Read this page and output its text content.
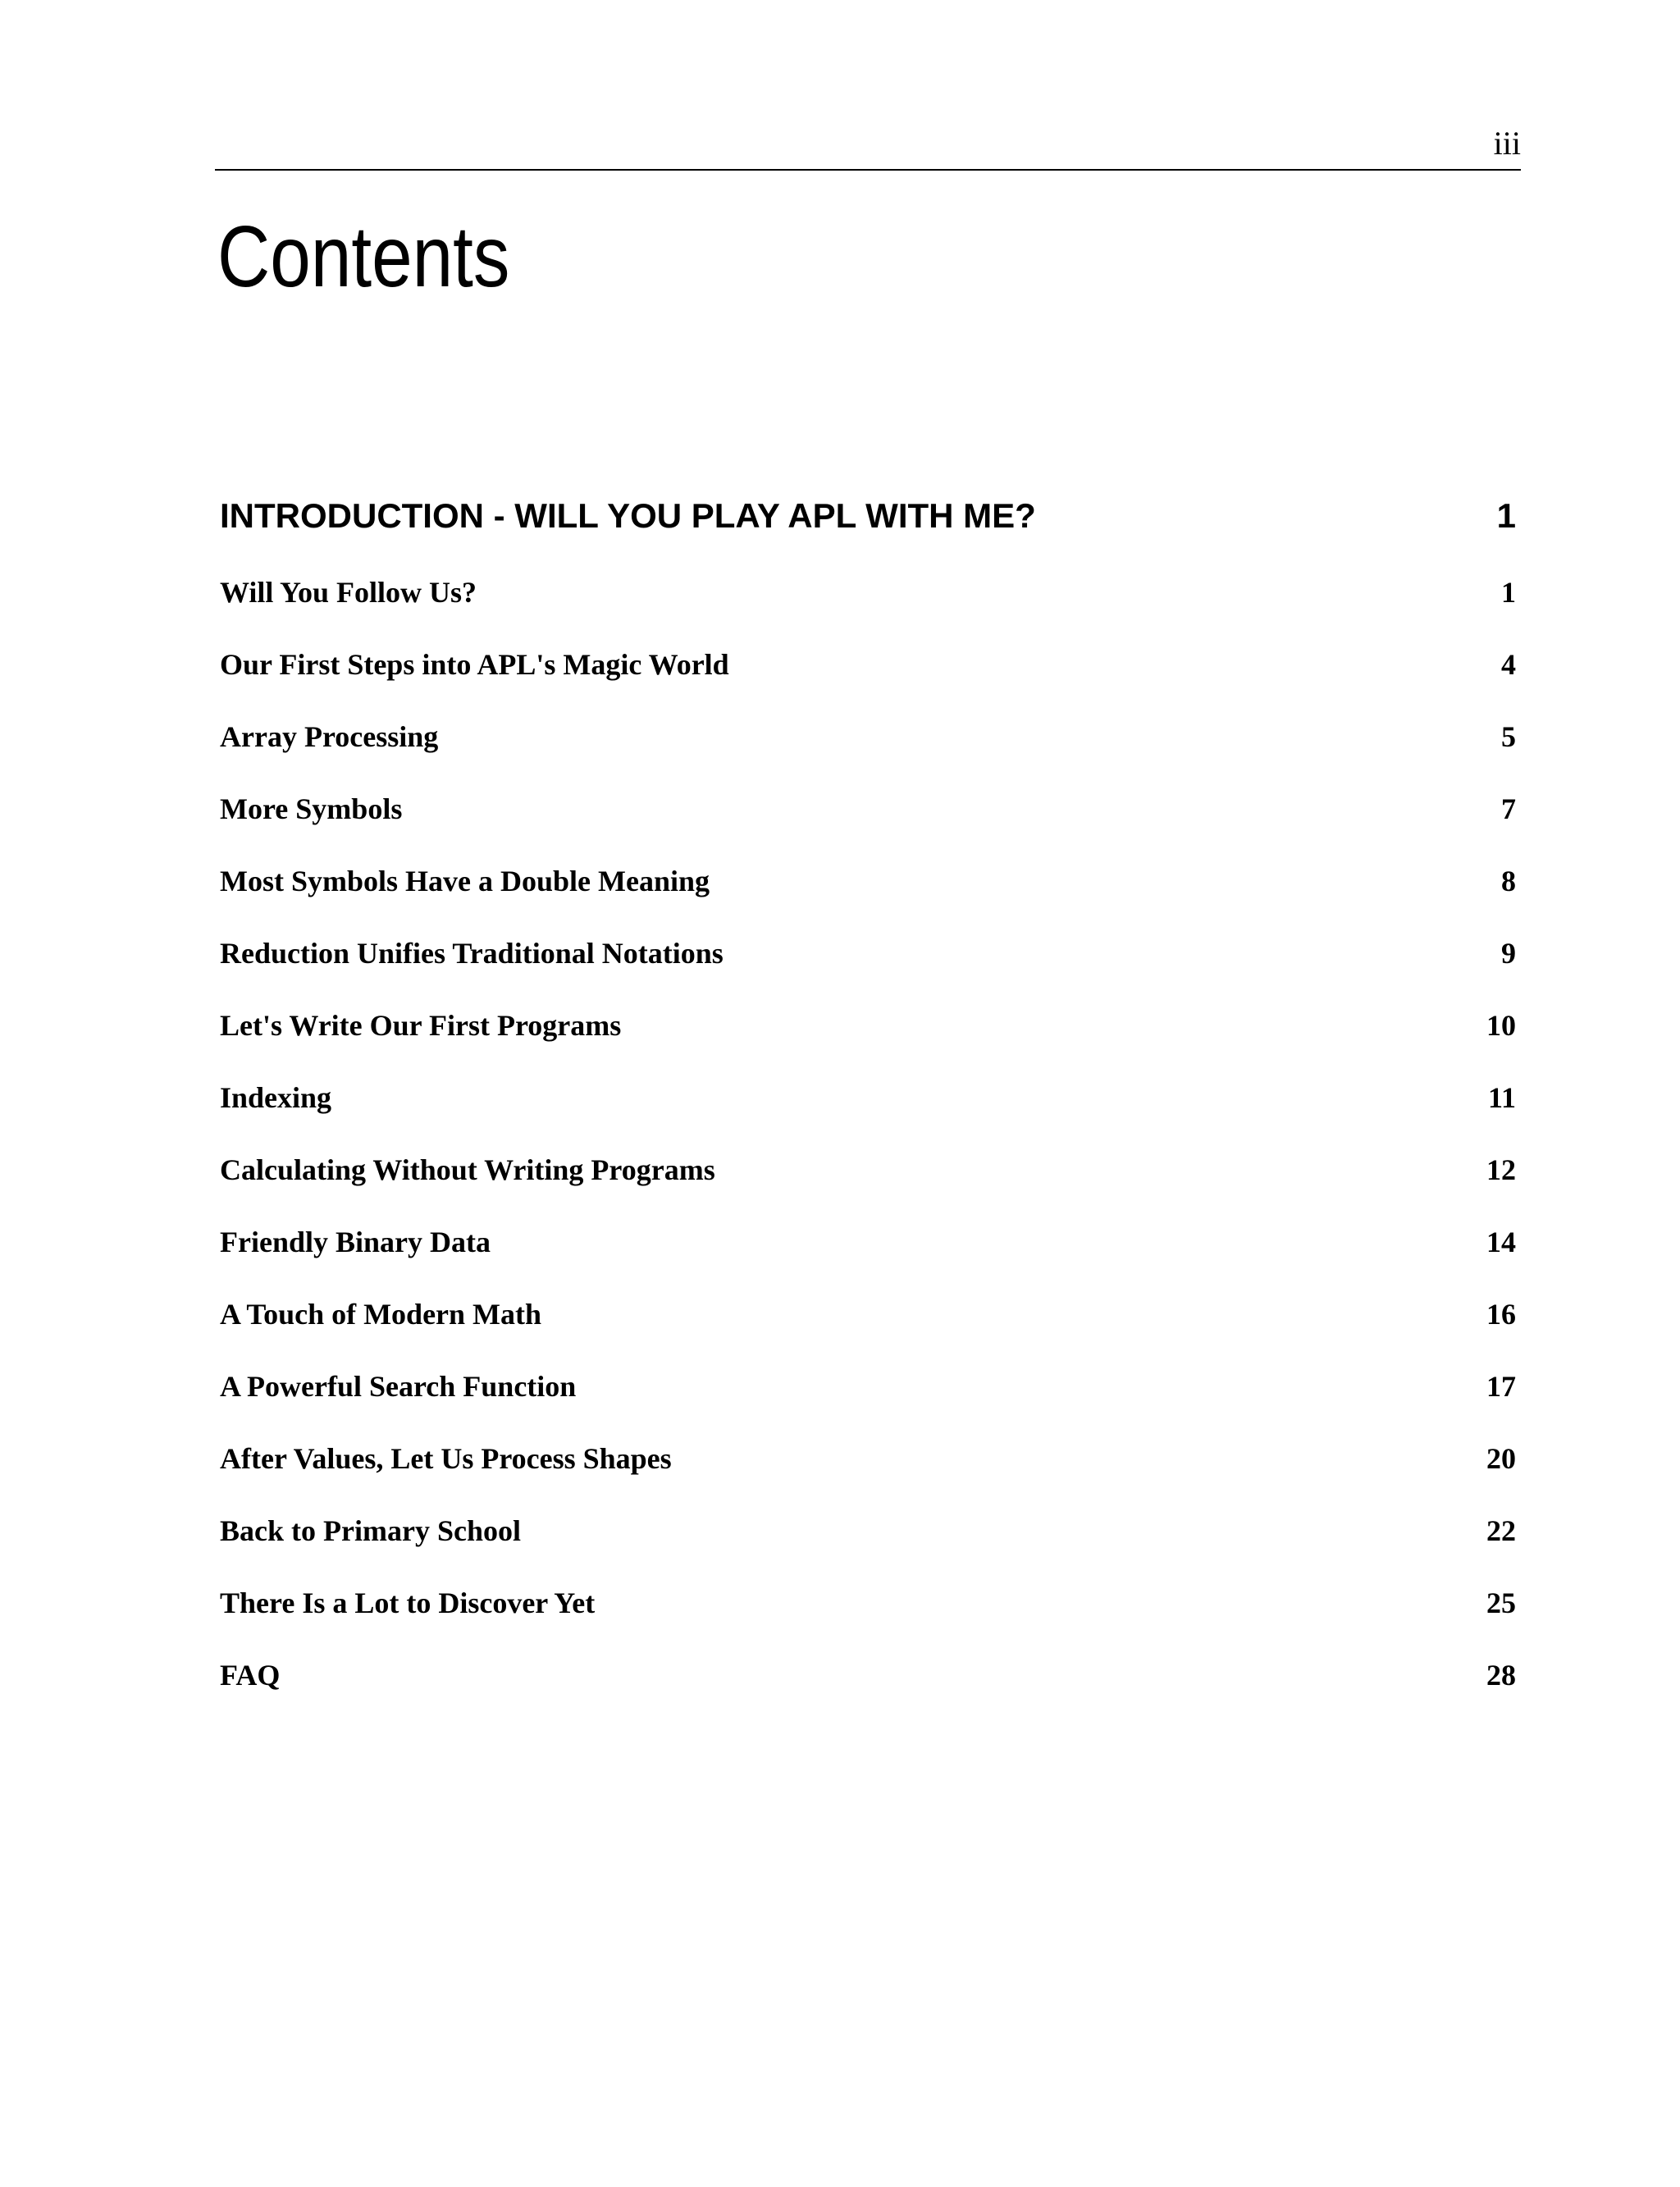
iii
Contents
INTRODUCTION - WILL YOU PLAY APL WITH ME?	1
Will You Follow Us?	1
Our First Steps into APL's Magic World	4
Array Processing	5
More Symbols	7
Most Symbols Have a Double Meaning	8
Reduction Unifies Traditional Notations	9
Let's Write Our First Programs	10
Indexing	11
Calculating Without Writing Programs	12
Friendly Binary Data	14
A Touch of Modern Math	16
A Powerful Search Function	17
After Values, Let Us Process Shapes	20
Back to Primary School	22
There Is a Lot to Discover Yet	25
FAQ	28
